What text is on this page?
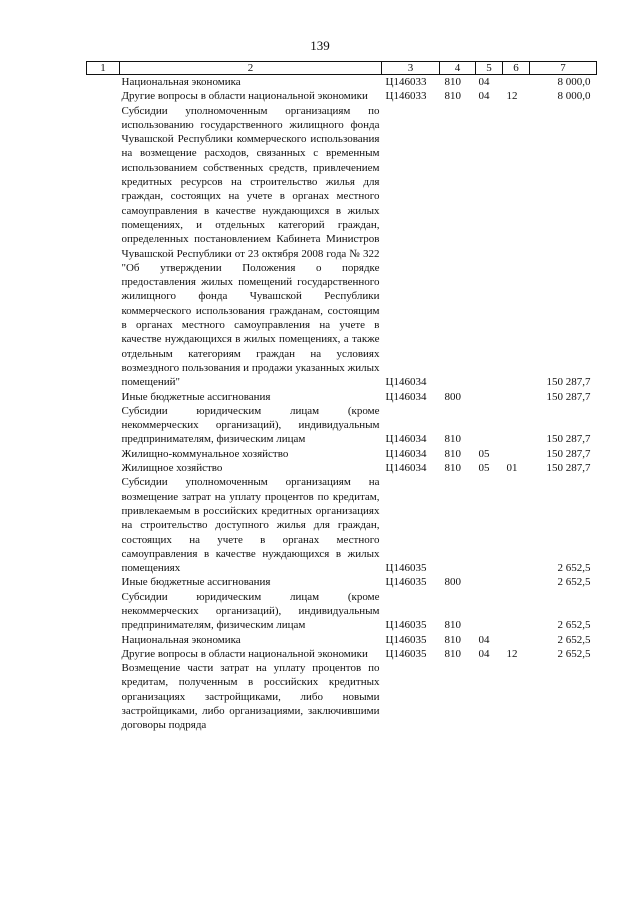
139
1	2	3	4	5	6	7
	Национальная экономика	Ц146033	810	04		8 000,0
	Другие вопросы в области национальной экономики	Ц146033	810	04	12	8 000,0
	Субсидии уполномоченным организациям по использованию государственного жилищного фонда Чувашской Республики коммерческого использования на возмещение расходов, связанных с временным использованием собственных средств, привлечением кредитных ресурсов на строительство жилья для граждан, состоящих на учете в органах местного самоуправления в качестве нуждающихся в жилых помещениях, и отдельных категорий граждан, определенных постановлением Кабинета Министров Чувашской Республики от 23 октября 2008 года № 322 "Об утверждении Положения о порядке предоставления жилых помещений государственного жилищного фонда Чувашской Республики коммерческого использования гражданам, состоящим в органах местного самоуправления на учете в качестве нуждающихся в жилых помещениях, а также отдельным категориям граждан на условиях возмездного пользования и продажи указанных жилых помещений"	Ц146034				150 287,7
	Иные бюджетные ассигнования	Ц146034	800			150 287,7
	Субсидии юридическим лицам (кроме некоммерческих организаций), индивидуальным предпринимателям, физическим лицам	Ц146034	810			150 287,7
	Жилищно-коммунальное хозяйство	Ц146034	810	05		150 287,7
	Жилищное хозяйство	Ц146034	810	05	01	150 287,7
	Субсидии уполномоченным организациям на возмещение затрат на уплату процентов по кредитам, привлекаемым в российских кредитных организациях на строительство доступного жилья для граждан, состоящих на учете в органах местного самоуправления в качестве нуждающихся в жилых помещениях	Ц146035				2 652,5
	Иные бюджетные ассигнования	Ц146035	800			2 652,5
	Субсидии юридическим лицам (кроме некоммерческих организаций), индивидуальным предпринимателям, физическим лицам	Ц146035	810			2 652,5
	Национальная экономика	Ц146035	810	04		2 652,5
	Другие вопросы в области национальной экономики	Ц146035	810	04	12	2 652,5
	Возмещение части затрат на уплату процентов по кредитам, полученным в российских кредитных организациях застройщиками, либо новыми застройщиками, либо организациями, заключившими договоры подряда					
